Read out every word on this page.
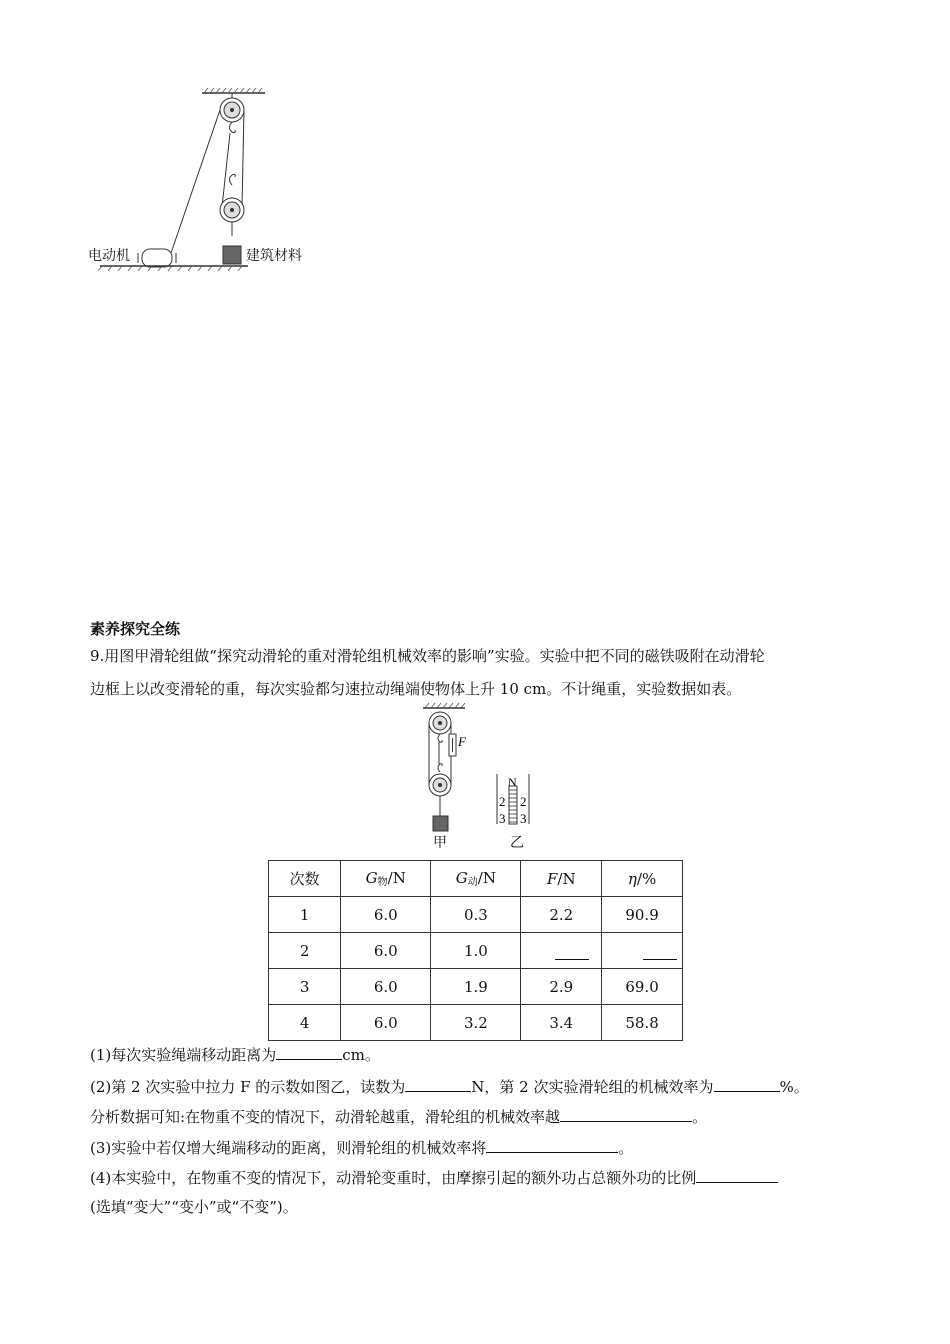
电动机	建筑材料
素养探究全练
9.用图甲滑轮组做“探究动滑轮的重对滑轮组机械效率的影响”实验。实验中把不同的磁铁吸附在动滑轮
边框上以改变滑轮的重，每次实验都匀速拉动绳端使物体上升 10 cm。不计绳重，实验数据如表。
F
N
2
3
2
3
甲	乙
次数	$G_物/N$	$G_动/N$	F/N	η/%
1	6.0	0.3	2.2	90.9
2	6.0	1.0		
3	6.0	1.9	2.9	69.0
4	6.0	3.2	3.4	58.8
(1)每次实验绳端移动距离为	cm。
(2)第 2 次实验中拉力 F 的示数如图乙，读数为	N，第 2 次实验滑轮组的机械效率为	%。
分析数据可知:在物重不变的情况下，动滑轮越重，滑轮组的机械效率越	。
(3)实验中若仅增大绳端移动的距离，则滑轮组的机械效率将	。
(4)本实验中，在物重不变的情况下，动滑轮变重时，由摩擦引起的额外功占总额外功的比例
(选填“变大”“变小”或“不变”)。
